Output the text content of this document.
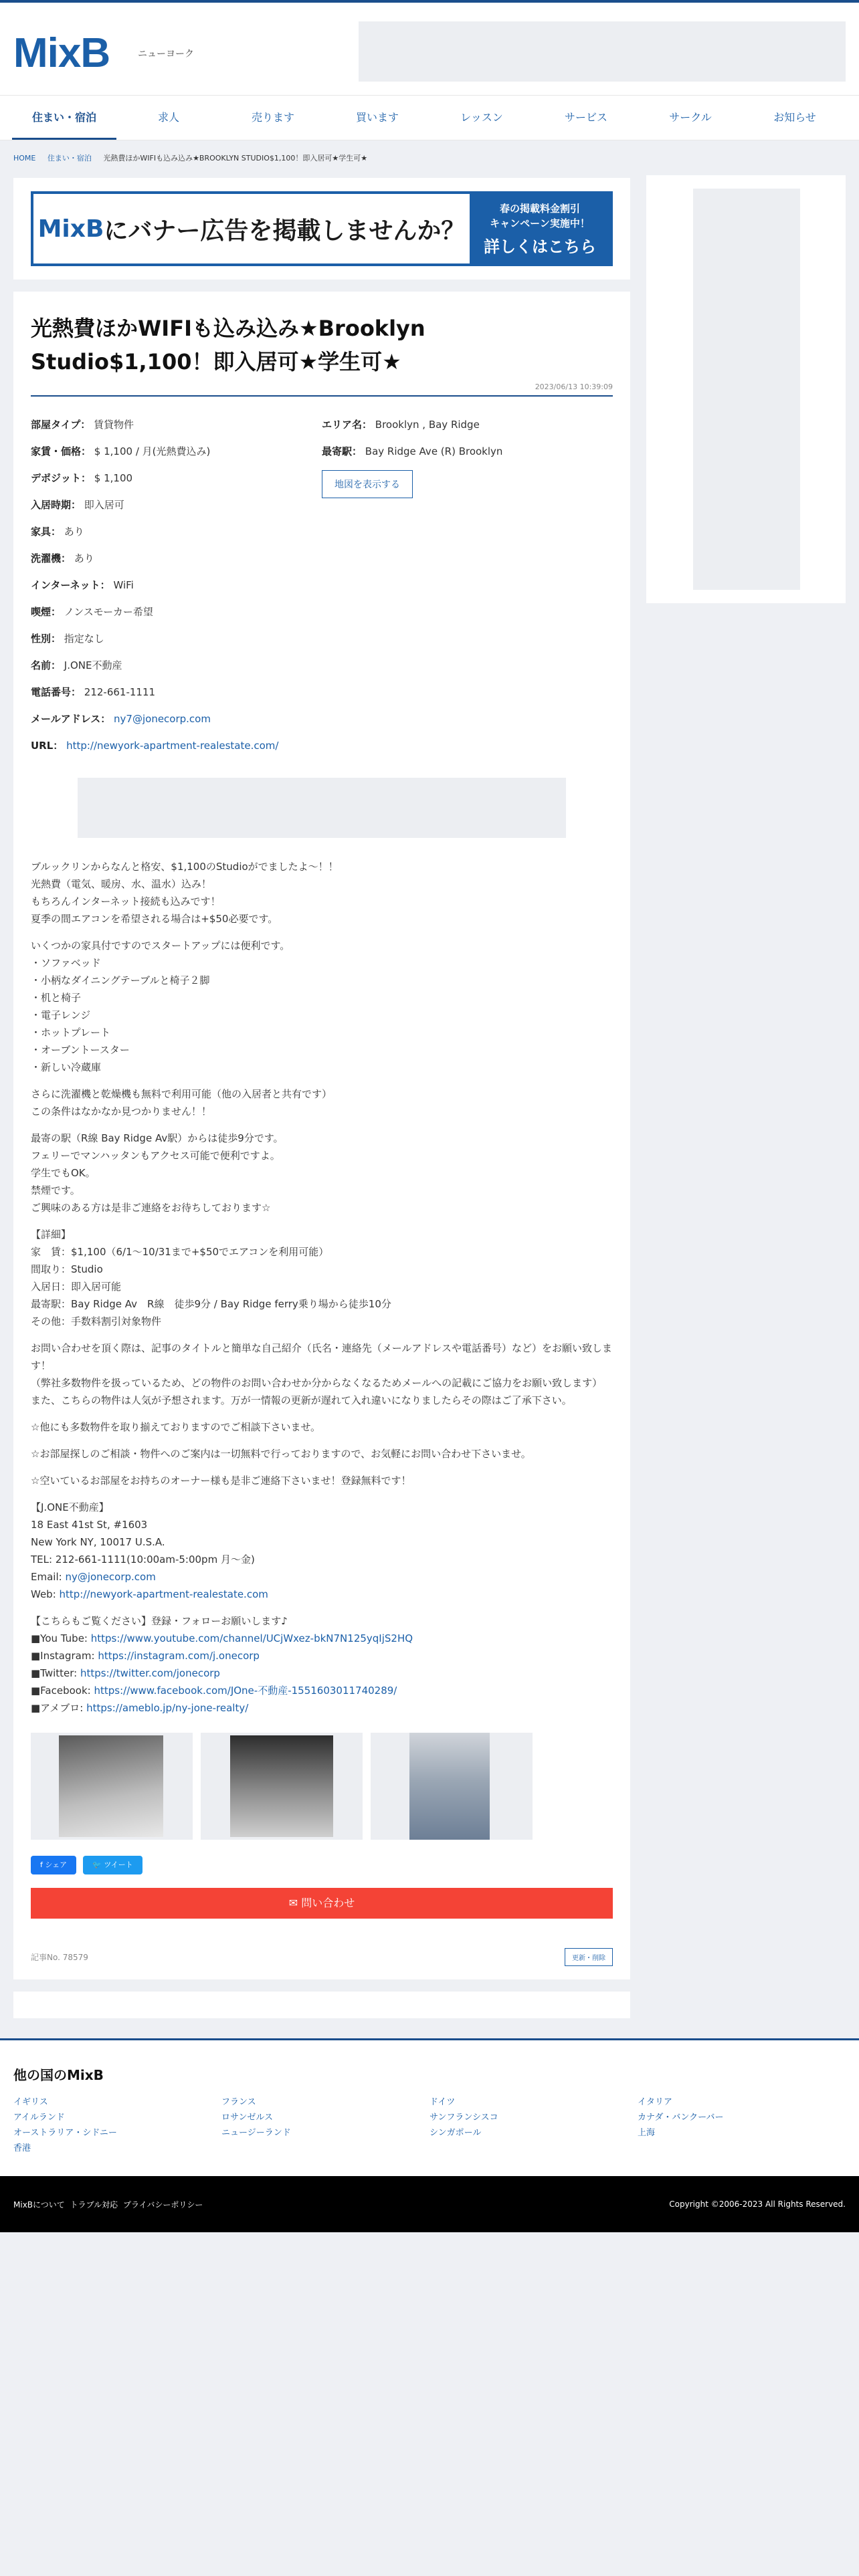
MixB	ニューヨーク
住まい・宿泊	求人	売ります	買います	レッスン	サービス	サークル	お知らせ
HOME 住まい・宿泊 光熱費ほかWIFIも込み込み★BROOKLYN STUDIO$1,100！即入居可★学生可★
MixB にバナー広告を掲載しませんか？
春の掲載料金割引
キャンペーン実施中！
詳しくはこちら
光熱費ほかWIFIも込み込み★Brooklyn Studio$1,100！即入居可★学生可★
2023/06/13 10:39:09
部屋タイプ： 賃貸物件
家賃・価格： $ 1,100 / 月(光熱費込み)
デポジット： $ 1,100
入居時期： 即入居可
家具： あり
洗濯機： あり
インターネット： WiFi
喫煙： ノンスモーカー希望
性別： 指定なし
名前： J.ONE不動産
電話番号： 212-661-1111
メールアドレス： ny7@jonecorp.com
URL： http://newyork-apartment-realestate.com/
エリア名： Brooklyn , Bay Ridge
最寄駅： Bay Ridge Ave (R) Brooklyn
地図を表示する

ブルックリンからなんと格安、$1,100のStudioがでましたよ〜！！
光熱費（電気、暖房、水、温水）込み！
もちろんインターネット接続も込みです！
夏季の間エアコンを希望される場合は+$50必要です。

いくつかの家具付ですのでスタートアップには便利です。
・ソファベッド
・小柄なダイニングテーブルと椅子２脚
・机と椅子
・電子レンジ
・ホットプレート
・オーブントースター
・新しい冷蔵庫

さらに洗濯機と乾燥機も無料で利用可能（他の入居者と共有です）
この条件はなかなか見つかりません！！

最寄の駅（R線 Bay Ridge Av駅）からは徒歩9分です。
フェリーでマンハッタンもアクセス可能で便利ですよ。
学生でもOK。
禁煙です。
ご興味のある方は是非ご連絡をお待ちしております☆

【詳細】
家　賃：$1,100（6/1〜10/31まで+$50でエアコンを利用可能）
間取り：Studio
入居日：即入居可能
最寄駅：Bay Ridge Av　R線　徒歩9分 / Bay Ridge ferry乗り場から徒歩10分
その他：手数料割引対象物件

お問い合わせを頂く際は、記事のタイトルと簡単な自己紹介（氏名・連絡先（メールアドレスや電話番号）など）をお願い致します！
（弊社多数物件を扱っているため、どの物件のお問い合わせか分からなくなるためメールへの記載にご協力をお願い致します）
また、こちらの物件は人気が予想されます。万が一情報の更新が遅れて入れ違いになりましたらその際はご了承下さい。

☆他にも多数物件を取り揃えておりますのでご相談下さいませ。

☆お部屋探しのご相談・物件へのご案内は一切無料で行っておりますので、お気軽にお問い合わせ下さいませ。

☆空いているお部屋をお持ちのオーナー様も是非ご連絡下さいませ！登録無料です！

【J.ONE不動産】
18 East 41st St, #1603
New York NY, 10017 U.S.A.
TEL: 212-661-1111(10:00am-5:00pm 月〜金)
Email: ny@jonecorp.com
Web: http://newyork-apartment-realestate.com

【こちらもご覧ください】登録・フォローお願いします♪
■You Tube: https://www.youtube.com/channel/UCjWxez-bkN7N125yqIjS2HQ
■Instagram: https://instagram.com/j.onecorp
■Twitter: https://twitter.com/jonecorp
■Facebook: https://www.facebook.com/JOne-不動産-1551603011740289/
■アメブロ: https://ameblo.jp/ny-jone-realty/

f シェア	🐦 ツイート
✉ 問い合わせ
記事No. 78579	更新・削除
他の国のMixB
イギリス	フランス	ドイツ	イタリア
アイルランド	ロサンゼルス	サンフランシスコ	カナダ・バンクーバー
オーストラリア・シドニー	ニュージーランド	シンガポール	上海
香港
MixBについて トラブル対応 プライバシーポリシー	Copyright ©2006-2023 All Rights Reserved.
